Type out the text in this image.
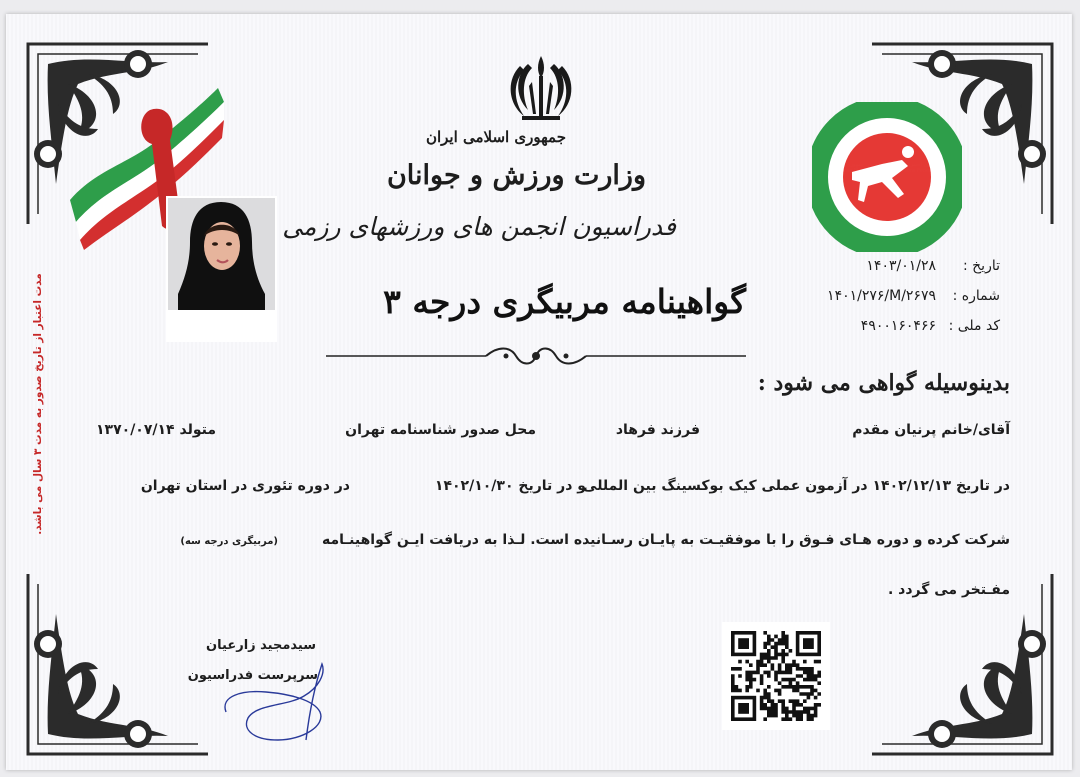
مدت اعتبار از تاریخ صدور به مدت ۳ سال می باشد.
جمهوری اسلامی ایران
وزارت ورزش و جوانان
فدراسیون انجمن های ورزشهای رزمی
گواهینامه مربیگری درجه ۳
تاریخ :
۱۴۰۳/۰۱/۲۸
شماره :
۱۴۰۱/۲۷۶/M/۲۶۷۹
کد ملی :
۴۹۰۰۱۶۰۴۶۶
بدینوسیله گواهی می شود :
آقای/خانم پرنیان مقدم
فرزند فرهاد
محل صدور شناسنامه تهران
متولد ۱۳۷۰/۰۷/۱۴
در تاریخ ۱۴۰۲/۱۲/۱۳ در آزمون عملی کیک بوکسینگ بین المللی
و در تاریخ ۱۴۰۲/۱۰/۳۰
در دوره تئوری در استان تهران
شرکت کرده و دوره هـای فـوق را با موفقیـت به پایـان رسـانیده است. لـذا به دریافت ایـن گواهینـامه
(مربیگری درجه سه)
مفـتخر می گردد .
سیدمجید زارعیان
سرپرست فدراسیون
